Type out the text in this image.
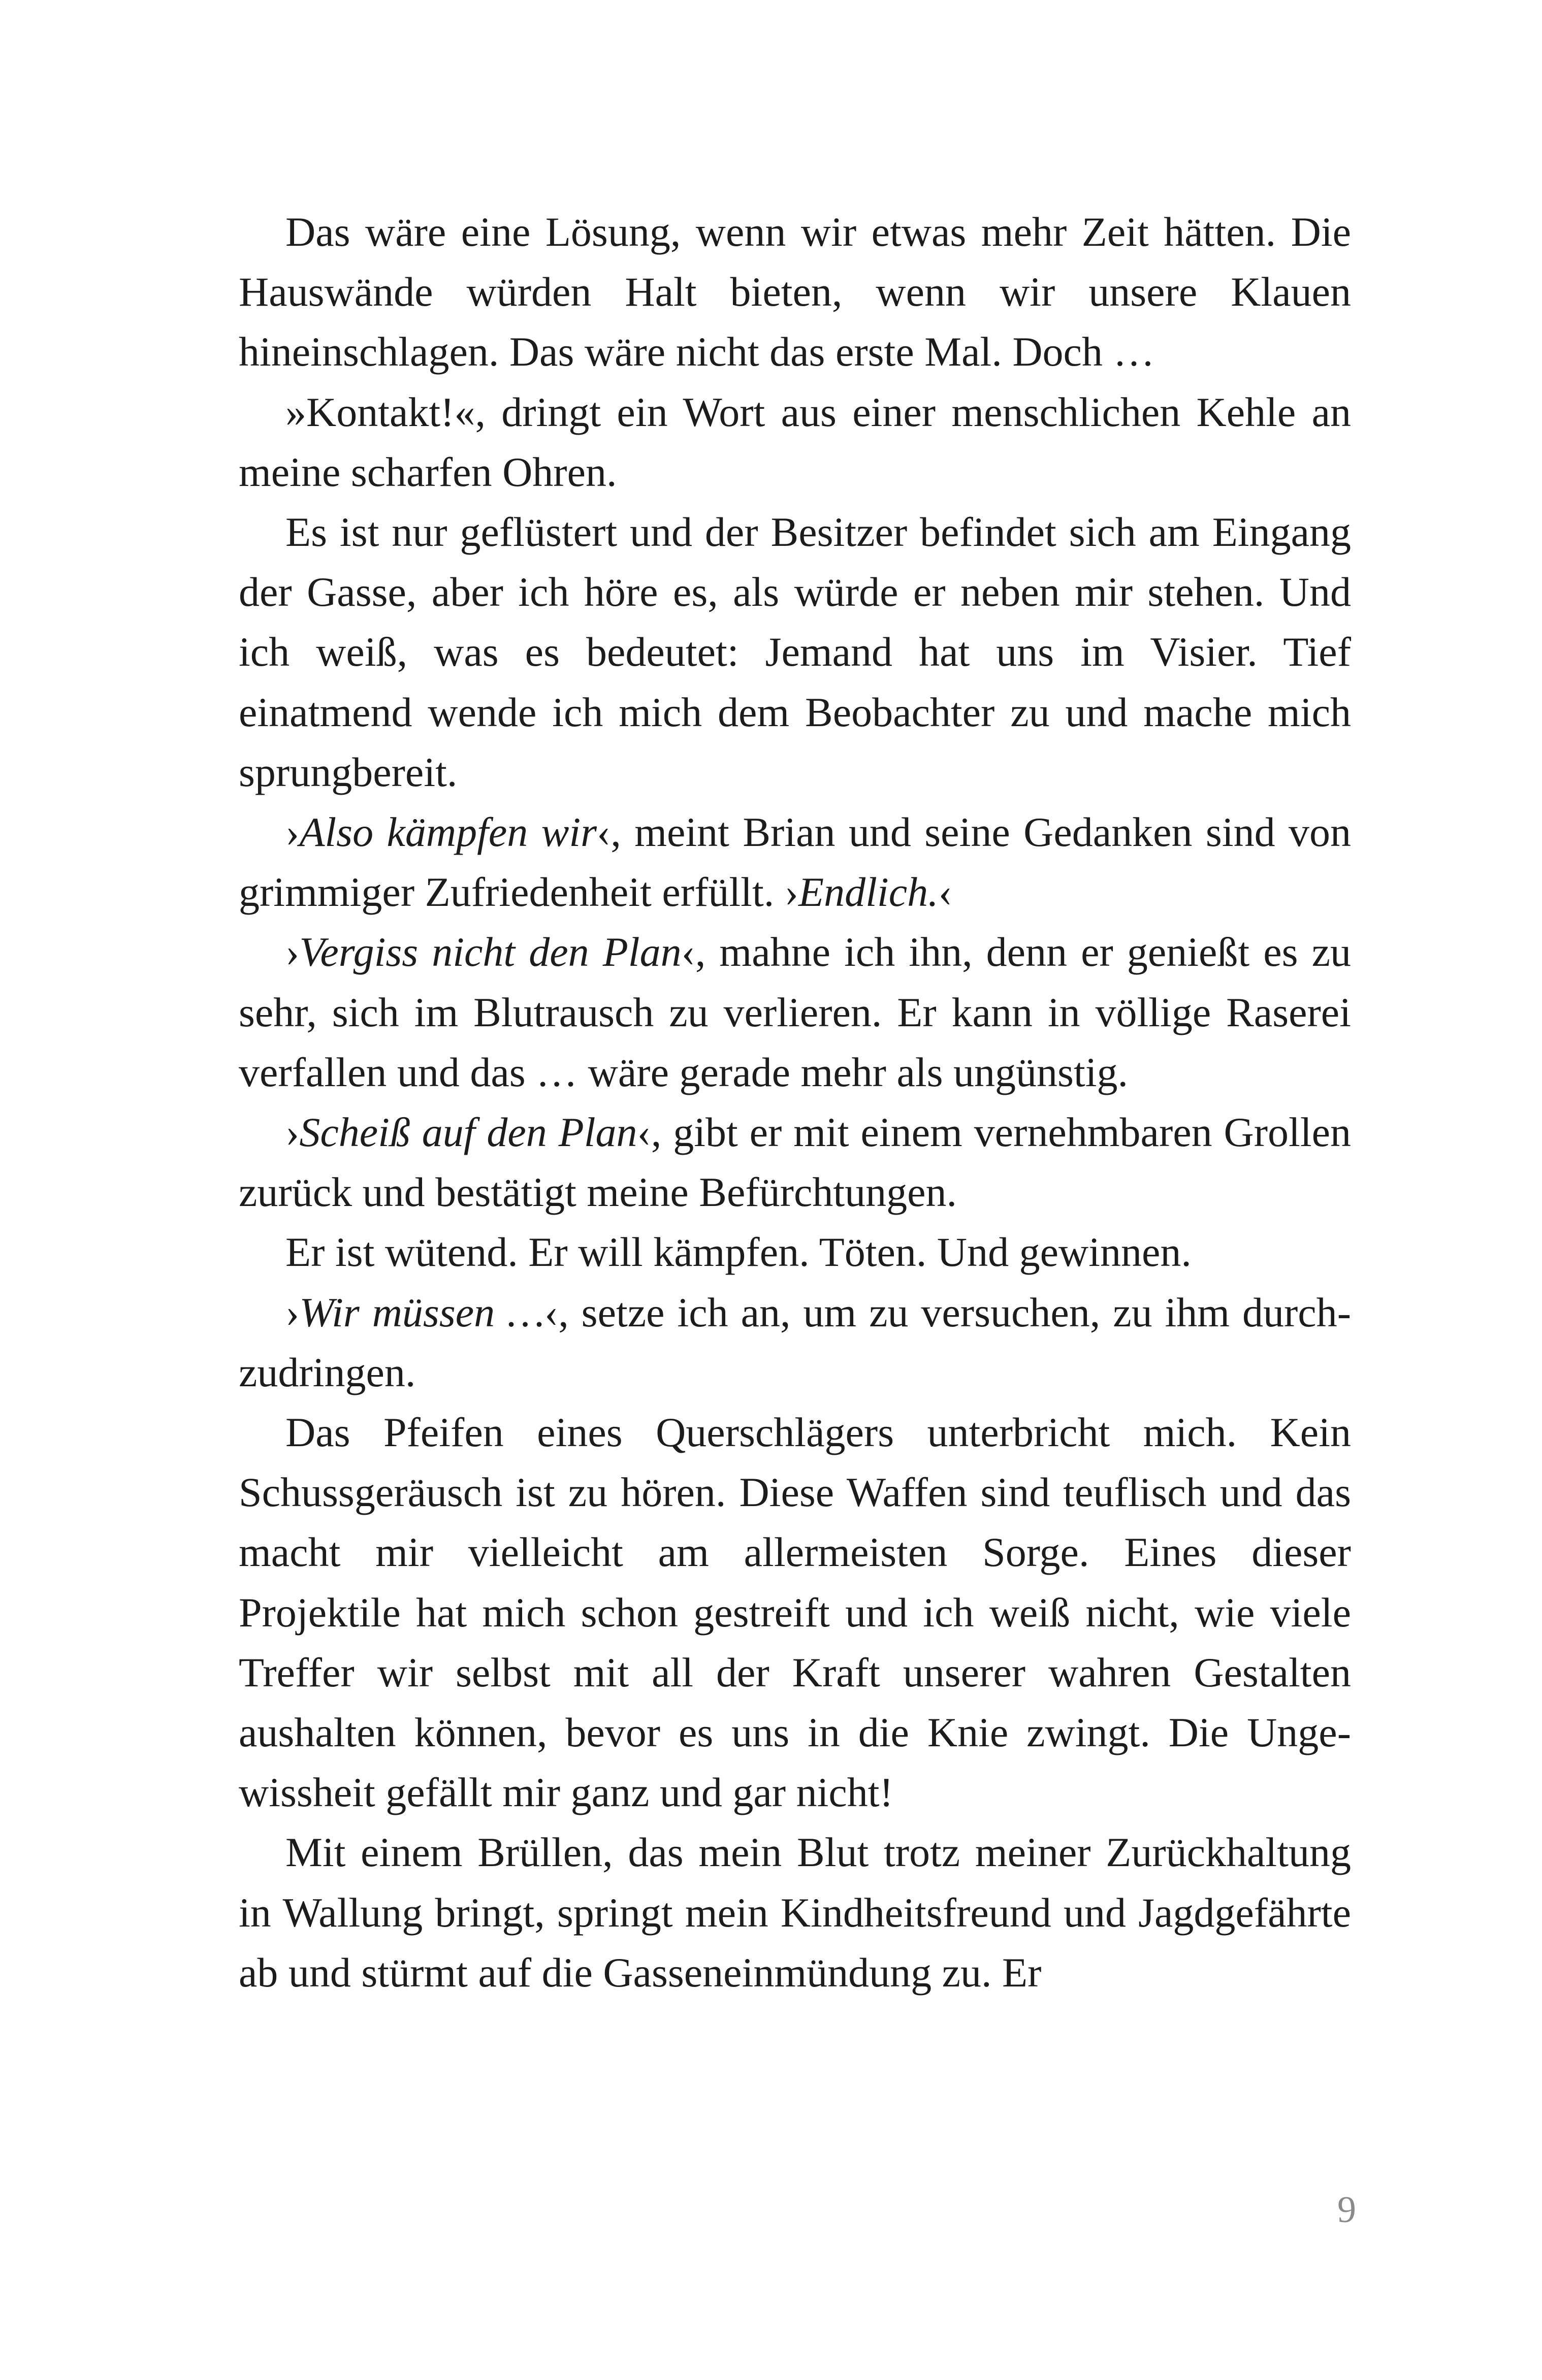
Das wäre eine Lösung, wenn wir etwas mehr Zeit hätten. Die Hauswände würden Halt bieten, wenn wir unsere Klauen hineinschlagen. Das wäre nicht das erste Mal. Doch …

»Kontakt!«, dringt ein Wort aus einer menschlichen Kehle an meine scharfen Ohren.

Es ist nur geflüstert und der Besitzer befindet sich am Eingang der Gasse, aber ich höre es, als würde er neben mir stehen. Und ich weiß, was es bedeutet: Jemand hat uns im Visier. Tief einatmend wende ich mich dem Beobachter zu und mache mich sprungbereit.

›Also kämpfen wir‹, meint Brian und seine Gedanken sind von grimmiger Zufriedenheit erfüllt. ›Endlich.‹

›Vergiss nicht den Plan‹, mahne ich ihn, denn er genießt es zu sehr, sich im Blutrausch zu verlieren. Er kann in völlige Raserei verfallen und das … wäre gerade mehr als ungünstig.

›Scheiß auf den Plan‹, gibt er mit einem vernehmbaren Grollen zurück und bestätigt meine Befürchtungen.

Er ist wütend. Er will kämpfen. Töten. Und gewinnen.

›Wir müssen …‹, setze ich an, um zu versuchen, zu ihm durchzudringen.

Das Pfeifen eines Querschlägers unterbricht mich. Kein Schussgeräusch ist zu hören. Diese Waffen sind teuflisch und das macht mir vielleicht am allermeisten Sorge. Eines dieser Projektile hat mich schon gestreift und ich weiß nicht, wie viele Treffer wir selbst mit all der Kraft unserer wahren Gestalten aushalten können, bevor es uns in die Knie zwingt. Die Ungewissheit gefällt mir ganz und gar nicht!

Mit einem Brüllen, das mein Blut trotz meiner Zurückhaltung in Wallung bringt, springt mein Kindheitsfreund und Jagdgefährte ab und stürmt auf die Gasseneinmündung zu. Er

9
